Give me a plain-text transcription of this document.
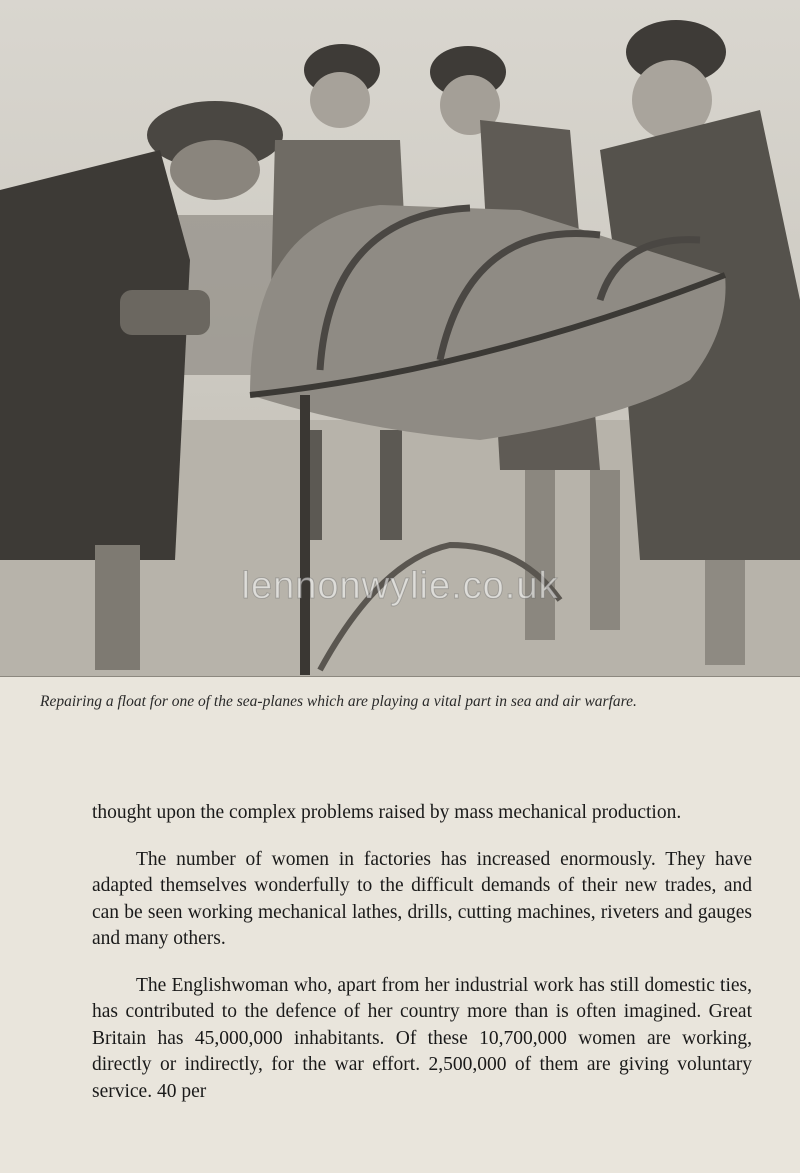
lennonwylie.co.uk
Repairing a float for one of the sea-planes which are playing a vital part in sea and air warfare.

thought upon the complex problems raised by mass mechanical production.

The number of women in factories has increased enormously. They have adapted themselves wonderfully to the difficult demands of their new trades, and can be seen working mechanical lathes, drills, cutting machines, riveters and gauges and many others.

The Englishwoman who, apart from her industrial work has still domestic ties, has contributed to the defence of her country more than is often imagined. Great Britain has 45,000,000 inhabitants. Of these 10,700,000 women are working, directly or indirectly, for the war effort. 2,500,000 of them are giving voluntary service. 40 per
